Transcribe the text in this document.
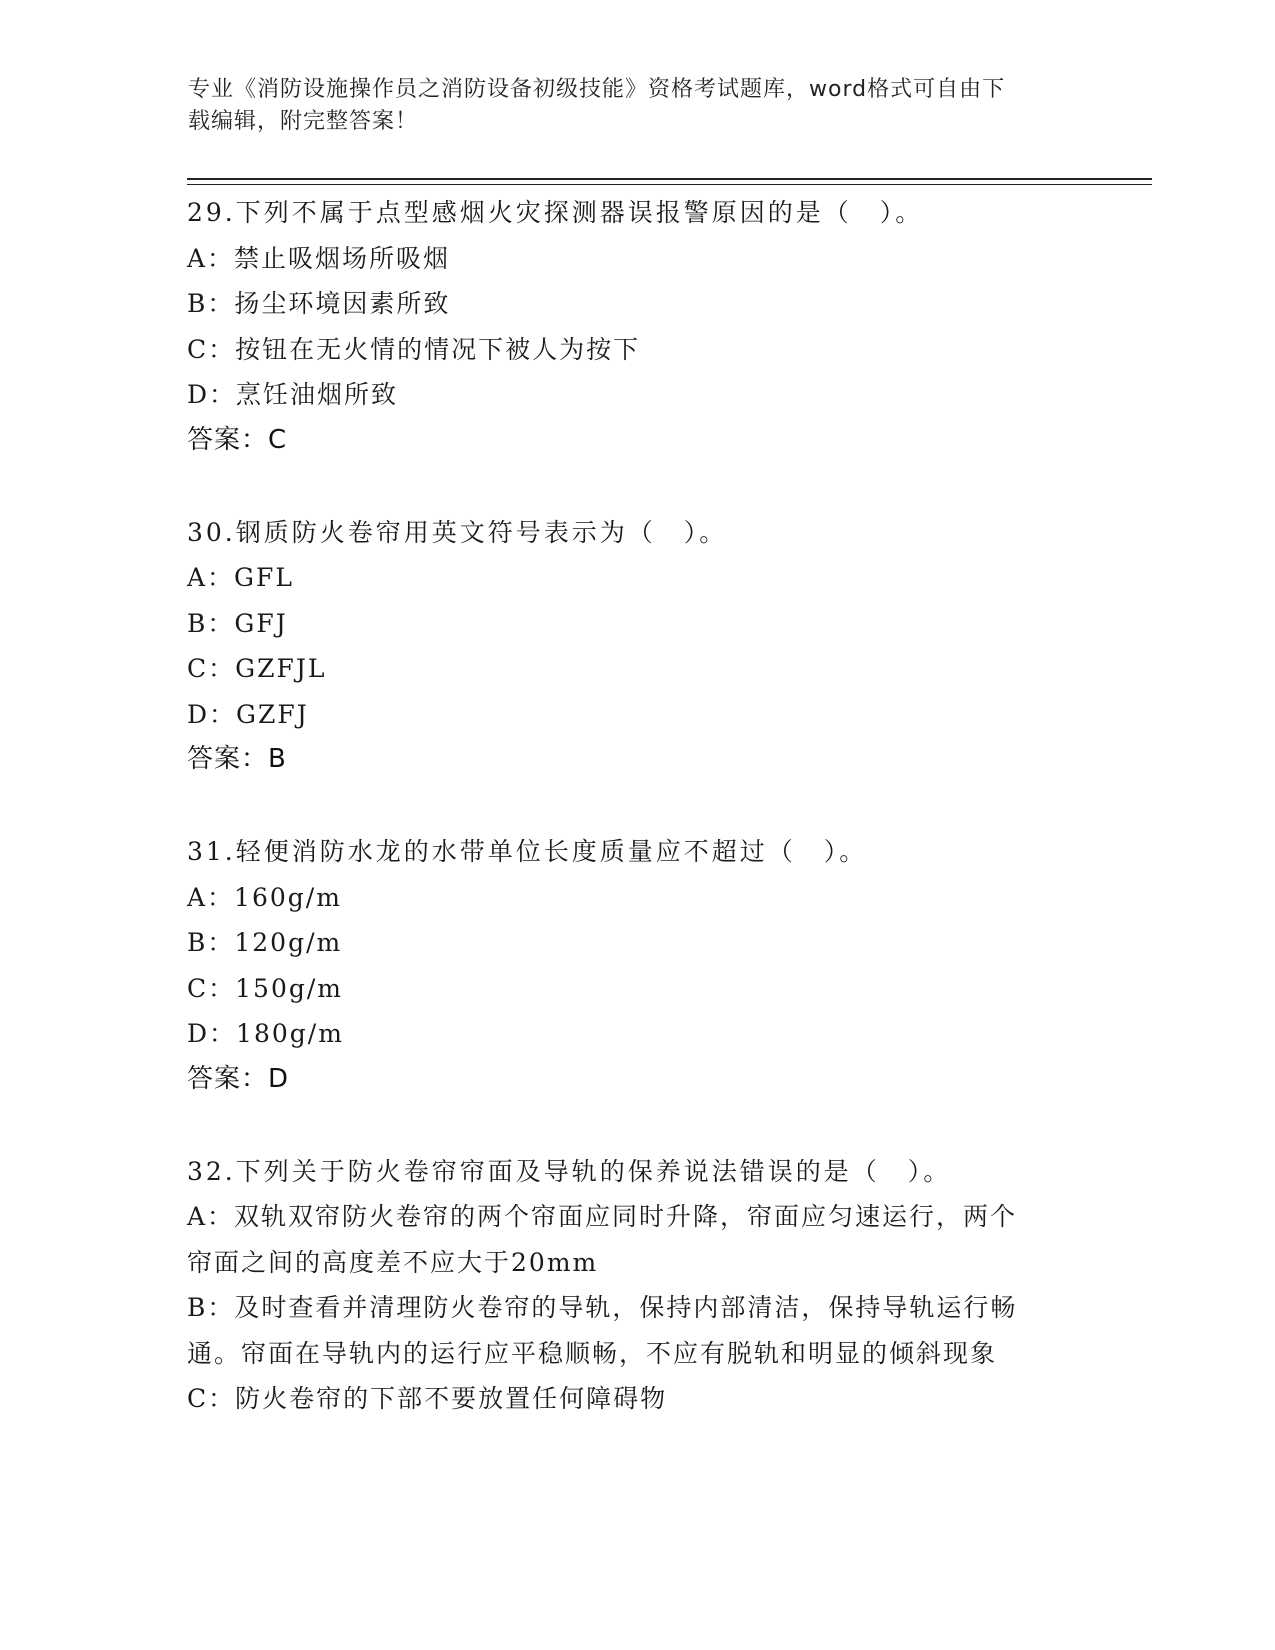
专业《消防设施操作员之消防设备初级技能》资格考试题库，word格式可自由下
载编辑，附完整答案！
29.下列不属于点型感烟火灾探测器误报警原因的是（　）。
A：禁止吸烟场所吸烟
B：扬尘环境因素所致
C：按钮在无火情的情况下被人为按下
D：烹饪油烟所致
答案：C
30.钢质防火卷帘用英文符号表示为（　）。
A：GFL
B：GFJ
C：GZFJL
D：GZFJ
答案：B
31.轻便消防水龙的水带单位长度质量应不超过（　）。
A：160g/m
B：120g/m
C：150g/m
D：180g/m
答案：D
32.下列关于防火卷帘帘面及导轨的保养说法错误的是（　）。
A：双轨双帘防火卷帘的两个帘面应同时升降，帘面应匀速运行，两个
帘面之间的高度差不应大于20mm
B：及时查看并清理防火卷帘的导轨，保持内部清洁，保持导轨运行畅
通。帘面在导轨内的运行应平稳顺畅，不应有脱轨和明显的倾斜现象
C：防火卷帘的下部不要放置任何障碍物
